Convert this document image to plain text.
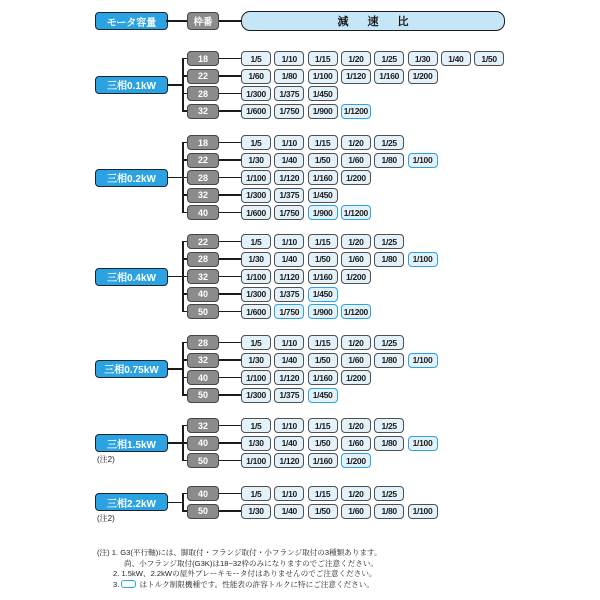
モータ容量	枠番	減 速 比
三相0.1kW
18	1/5	1/10	1/15	1/20	1/25	1/30	1/40	1/50
22	1/60	1/80	1/100	1/120	1/160	1/200
28	1/300	1/375	1/450
32	1/600	1/750	1/900	1/1200
三相0.2kW
18	1/5	1/10	1/15	1/20	1/25
22	1/30	1/40	1/50	1/60	1/80	1/100
28	1/100	1/120	1/160	1/200
32	1/300	1/375	1/450
40	1/600	1/750	1/900	1/1200
三相0.4kW
22	1/5	1/10	1/15	1/20	1/25
28	1/30	1/40	1/50	1/60	1/80	1/100
32	1/100	1/120	1/160	1/200
40	1/300	1/375	1/450
50	1/600	1/750	1/900	1/1200
三相0.75kW
28	1/5	1/10	1/15	1/20	1/25
32	1/30	1/40	1/50	1/60	1/80	1/100
40	1/100	1/120	1/160	1/200
50	1/300	1/375	1/450
三相1.5kW
(注2)
32	1/5	1/10	1/15	1/20	1/25
40	1/30	1/40	1/50	1/60	1/80	1/100
50	1/100	1/120	1/160	1/200
三相2.2kW
(注2)
40	1/5	1/10	1/15	1/20	1/25
50	1/30	1/40	1/50	1/60	1/80	1/100
(注) 1. G3(平行軸)には、脚取付・フランジ取付・小フランジ取付の3種類あります。
尚、小フランジ取付(G3K)は18~32枠のみになりますのでご注意ください。
2. 1.5kW、2.2kWの屋外ブレーキモータ付はありませんのでご注意ください。
3. はトルク制限機種です。性能表の許容トルクに特にご注意ください。
